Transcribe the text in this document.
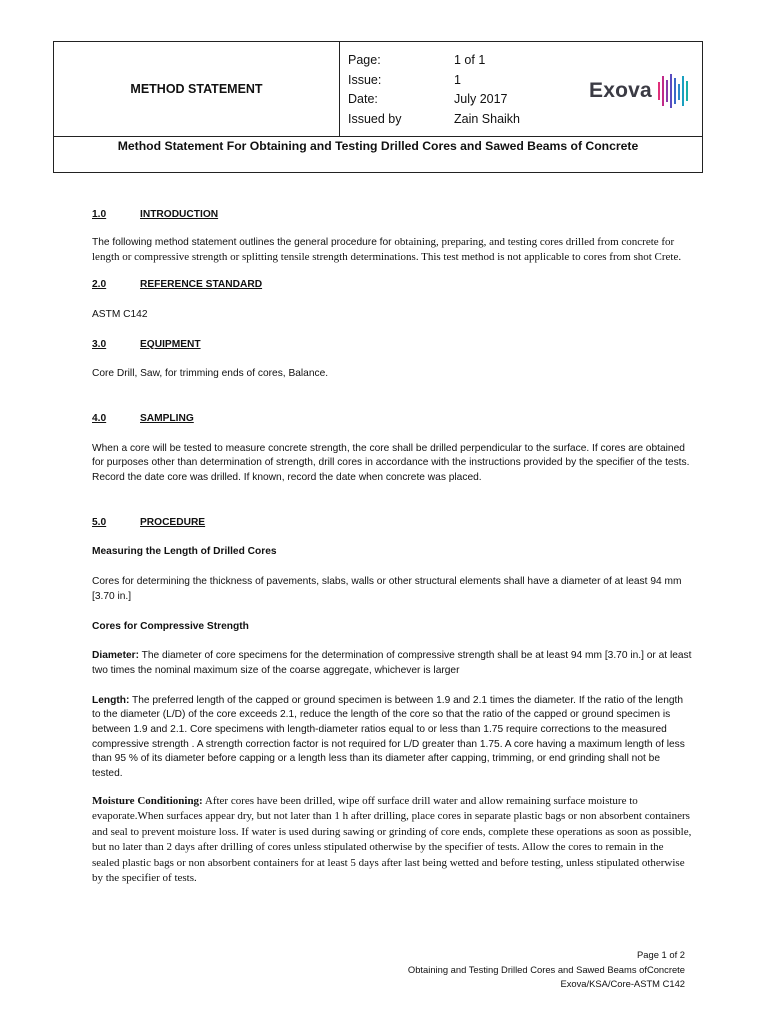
METHOD STATEMENT
Page:	1 of 1
Issue:	1
Date:	July 2017
Issued by	Zain Shaikh
Exova
Method Statement For Obtaining and Testing Drilled Cores and Sawed Beams of Concrete
1.0	INTRODUCTION

The following method statement outlines the general procedure for obtaining, preparing, and testing cores drilled from concrete for length or compressive strength or splitting tensile strength determinations. This test method is not applicable to cores from shot Crete.

2.0	REFERENCE STANDARD

ASTM C142

3.0	EQUIPMENT

Core Drill, Saw, for trimming ends of cores, Balance.

4.0	SAMPLING

When a core will be tested to measure concrete strength, the core shall be drilled perpendicular to the surface. If cores are obtained for purposes other than determination of strength, drill cores in accordance with the instructions provided by the specifier of the tests. Record the date core was drilled. If known, record the date when concrete was placed.

5.0	PROCEDURE

Measuring the Length of Drilled Cores

Cores for determining the thickness of pavements, slabs, walls or other structural elements shall have a diameter of at least 94 mm [3.70 in.]

Cores for Compressive Strength

Diameter: The diameter of core specimens for the determination of compressive strength shall be at least 94 mm [3.70 in.] or at least two times the nominal maximum size of the coarse aggregate, whichever is larger

Length: The preferred length of the capped or ground specimen is between 1.9 and 2.1 times the diameter. If the ratio of the length to the diameter (L/D) of the core exceeds 2.1, reduce the length of the core so that the ratio of the capped or ground specimen is between 1.9 and 2.1. Core specimens with length-diameter ratios equal to or less than 1.75 require corrections to the measured compressive strength . A strength correction factor is not required for L/D greater than 1.75. A core having a maximum length of less than 95 % of its diameter before capping or a length less than its diameter after capping, trimming, or end grinding shall not be tested.

Moisture Conditioning: After cores have been drilled, wipe off surface drill water and allow remaining surface moisture to evaporate.When surfaces appear dry, but not later than 1 h after drilling, place cores in separate plastic bags or non absorbent containers and seal to prevent moisture loss. If water is used during sawing or grinding of core ends, complete these operations as soon as possible, but no later than 2 days after drilling of cores unless stipulated otherwise by the specifier of tests. Allow the cores to remain in the sealed plastic bags or non absorbent containers for at least 5 days after last being wetted and before testing, unless stipulated otherwise by the specifier of tests.

Page 1 of 2
Obtaining and Testing Drilled Cores and Sawed Beams ofConcrete
Exova/KSA/Core-ASTM C142
